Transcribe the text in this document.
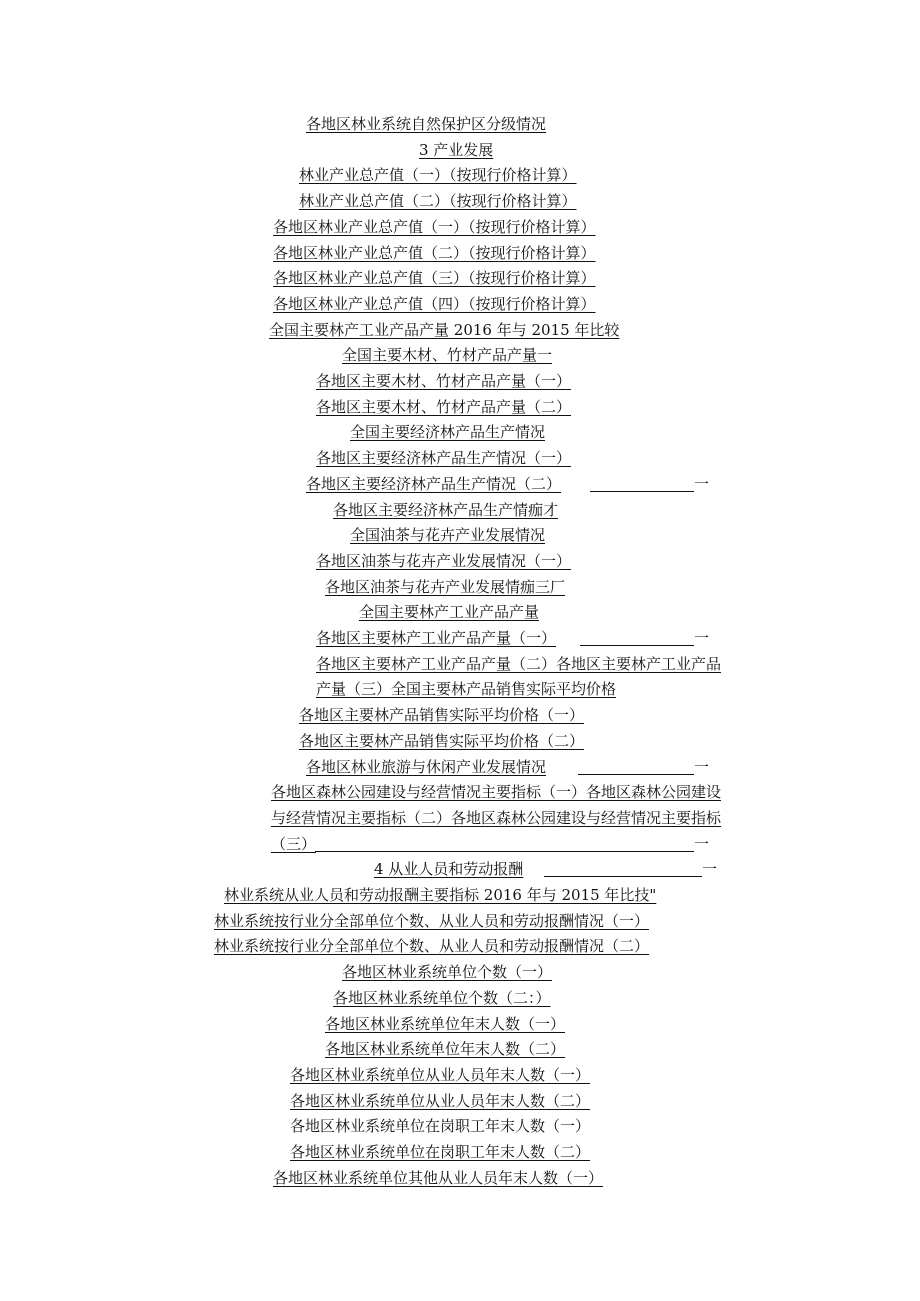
各地区林业系统自然保护区分级情况
3 产业发展
林业产业总产值（一）（按现行价格计算）
林业产业总产值（二）（按现行价格计算）
各地区林业产业总产值（一）（按现行价格计算）
各地区林业产业总产值（二）（按现行价格计算）
各地区林业产业总产值（三）（按现行价格计算）
各地区林业产业总产值（四）（按现行价格计算）
全国主要林产工业产品产量 2016 年与 2015 年比较
全国主要木材、竹材产品产量一
各地区主要木材、竹材产品产量（一）
各地区主要木材、竹材产品产量（二）
全国主要经济林产品生产情况
各地区主要经济林产品生产情况（一）
各地区主要经济林产品生产情况（二）	一
各地区主要经济林产品生产情痂才
全国油茶与花卉产业发展情况
各地区油茶与花卉产业发展情况（一）
各地区油茶与花卉产业发展情痂三厂
全国主要林产工业产品产量
各地区主要林产工业产品产量（一）	一
各地区主要林产工业产品产量（二）各地区主要林产工业产品
产量（三）全国主要林产品销售实际平均价格
各地区主要林产品销售实际平均价格（一）
各地区主要林产品销售实际平均价格（二）
各地区林业旅游与休闲产业发展情况	一
各地区森林公园建设与经营情况主要指标（一）各地区森林公园建设
与经营情况主要指标（二）各地区森林公园建设与经营情况主要指标
（三）	一
4 从业人员和劳动报酬	一
林业系统从业人员和劳动报酬主要指标 2016 年与 2015 年比技"
林业系统按行业分全部单位个数、从业人员和劳动报酬情况（一）
林业系统按行业分全部单位个数、从业人员和劳动报酬情况（二）
各地区林业系统单位个数（一）
各地区林业系统单位个数（二：）
各地区林业系统单位年末人数（一）
各地区林业系统单位年末人数（二）
各地区林业系统单位从业人员年末人数（一）
各地区林业系统单位从业人员年末人数（二）
各地区林业系统单位在岗职工年末人数（一）
各地区林业系统单位在岗职工年末人数（二）
各地区林业系统单位其他从业人员年末人数（一）
